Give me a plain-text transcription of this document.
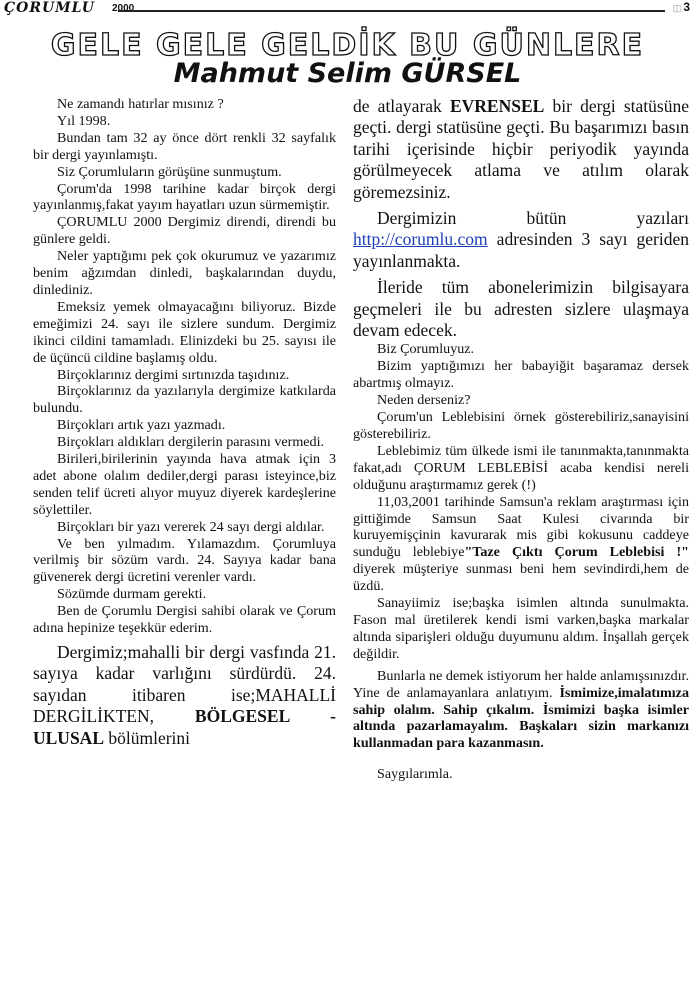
ÇORUMLU 2000	◫ 3
GELE GELE GELDİK BU GÜNLERE
Mahmut Selim GÜRSEL

Ne zamandı hatırlar mısınız ?

Yıl 1998.

Bundan tam 32 ay önce dört renkli 32 sayfalık bir dergi yayınlamıştı.

Siz Çorumluların görüşüne sunmuştum.

Çorum'da 1998 tarihine kadar birçok dergi yayınlanmış,fakat yayım hayatları uzun sürmemiştir.

ÇORUMLU 2000 Dergimiz direndi, direndi bu günlere geldi.

Neler yaptığımı pek çok okurumuz ve yazarımız benim ağzımdan dinledi, başkalarından duydu, dinlediniz.

Emeksiz yemek olmayacağını biliyoruz. Bizde emeğimizi 24. sayı ile sizlere sundum. Dergimiz ikinci cildini tamamladı. Elinizdeki bu 25. sayısı ile de üçüncü cildine başlamış oldu.

Birçoklarınız dergimi sırtınızda taşıdınız.

Birçoklarınız da yazılarıyla dergimize katkılarda bulundu.

Birçokları artık yazı yazmadı.

Birçokları aldıkları dergilerin parasını vermedi.

Birileri,birilerinin yayında hava atmak için 3 adet abone olalım dediler,dergi parası isteyince,biz senden telif ücreti alıyor muyuz diyerek kardeşlerine söylettiler.

Birçokları bir yazı vererek 24 sayı dergi aldılar.

Ve ben yılmadım. Yılamazdım. Çorumluya verilmiş bir sözüm vardı. 24. Sayıya kadar bana güvenerek dergi ücretini verenler vardı.

Sözümde durmam gerekti.

Ben de Çorumlu Dergisi sahibi olarak ve Çorum adına hepinize teşekkür ederim.

Dergimiz;mahalli bir dergi vasfında 21. sayıya kadar varlığını sürdürdü. 24. sayıdan itibaren ise;MAHALLİ DERGİLİKTEN, BÖLGESEL - ULUSAL bölümlerini

de atlayarak EVRENSEL bir dergi statüsüne geçti. dergi statüsüne geçti. Bu başarımızı basın tarihi içerisinde hiçbir periyodik yayında görülmeyecek atlama ve atılım olarak göremezsiniz.

Dergimizin bütün yazıları http://corumlu.com adresinden 3 sayı geriden yayınlanmakta.

İleride tüm abonelerimizin bilgisayara geçmeleri ile bu adresten sizlere ulaşmaya devam edecek.

Biz Çorumluyuz.

Bizim yaptığımızı her babayiğit başaramaz dersek abartmış olmayız.

Neden derseniz?

Çorum'un Leblebisini örnek gösterebiliriz,sanayisini gösterebiliriz.

Leblebimiz tüm ülkede ismi ile tanınmakta,tanınmakta fakat,adı ÇORUM LEBLEBİSİ acaba kendisi nereli olduğunu araştırmamız gerek (!)

11,03,2001 tarihinde Samsun'a reklam araştırması için gittiğimde Samsun Saat Kulesi civarında bir kuruyemişçinin kavurarak mis gibi kokusunu caddeye sunduğu leblebiye"Taze Çıktı Çorum Leblebisi !" diyerek müşteriye sunması beni hem sevindirdi,hem de üzdü.

Sanayiimiz ise;başka isimlen altında sunulmakta. Fason mal üretilerek kendi ismi varken,başka markalar altında siparişleri olduğu duyumunu aldım. İnşallah gerçek değildir.

Bunlarla ne demek istiyorum her halde anlamışsınızdır. Yine de anlamayanlara anlatıyım. İsmimize,imalatımıza sahip olalım. Sahip çıkalım. İsmimizi başka isimler altında pazarlamayalım. Başkaları sizin markanızı kullanmadan para kazanmasın.

Saygılarımla.
